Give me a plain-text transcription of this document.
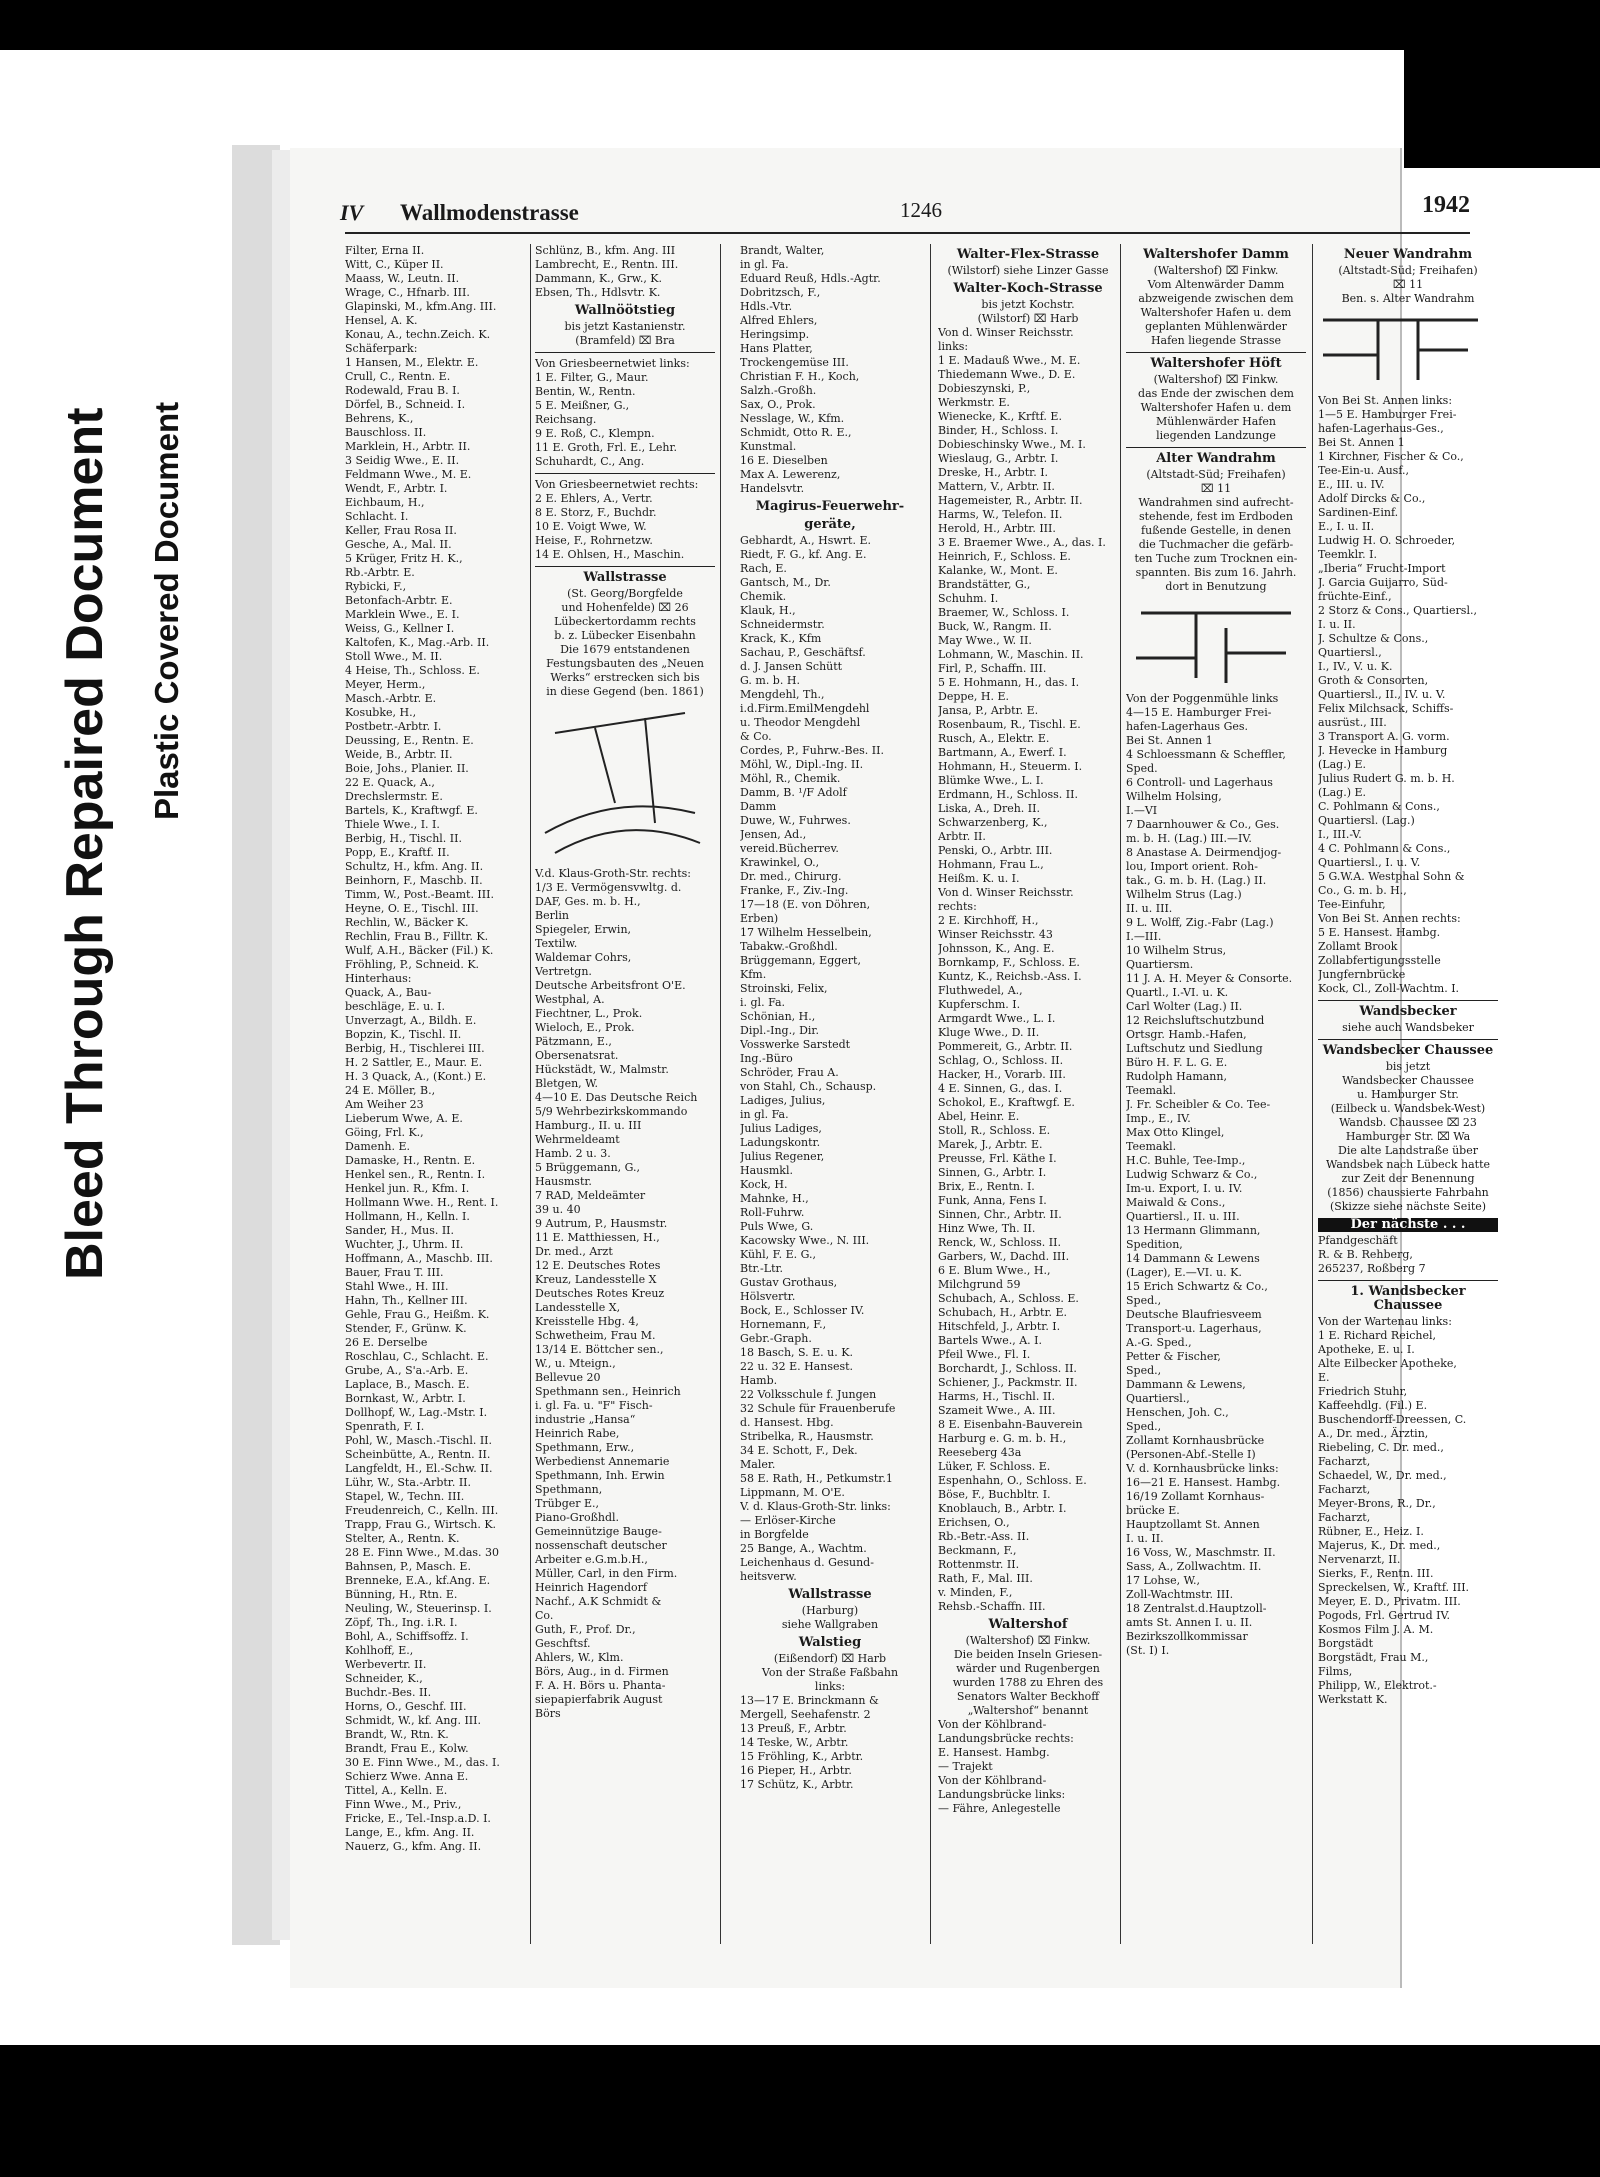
Bleed Through Repaired Document Plastic Covered Document
IV Wallmodenstrasse	1246	1942
Filter, Erna II.
Witt, C., Küper II.
Maass, W., Leutn. II.
Wrage, C., Hfnarb. III.
Glapinski, M., kfm.Ang. III.
Hensel, A. K.
Konau, A., techn.Zeich. K.
Schäferpark:
1 Hansen, M., Elektr. E.
Crull, C., Rentn. E.
Rodewald, Frau B. I.
Dörfel, B., Schneid. I.
Behrens, K.,
Bauschloss. II.
Marklein, H., Arbtr. II.
3 Seidig Wwe., E. II.
Feldmann Wwe., M. E.
Wendt, F., Arbtr. I.
Eichbaum, H.,
Schlacht. I.
Keller, Frau Rosa II.
Gesche, A., Mal. II.
5 Krüger, Fritz H. K.,
Rb.-Arbtr. E.
Rybicki, F.,
Betonfach-Arbtr. E.
Marklein Wwe., E. I.
Weiss, G., Kellner I.
Kaltofen, K., Mag.-Arb. II.
Stoll Wwe., M. II.
4 Heise, Th., Schloss. E.
Meyer, Herm.,
Masch.-Arbtr. E.
Kosubke, H.,
Postbetr.-Arbtr. I.
Deussing, E., Rentn. E.
Weide, B., Arbtr. II.
Boie, Johs., Planier. II.
22 E. Quack, A.,
Drechslermstr. E.
Bartels, K., Kraftwgf. E.
Thiele Wwe., I. I.
Berbig, H., Tischl. II.
Popp, E., Kraftf. II.
Schultz, H., kfm. Ang. II.
Beinhorn, F., Maschb. II.
Timm, W., Post.-Beamt. III.
Heyne, O. E., Tischl. III.
Rechlin, W., Bäcker K.
Rechlin, Frau B., Filltr. K.
Wulf, A.H., Bäcker (Fil.) K.
Fröhling, P., Schneid. K.
Hinterhaus:
Quack, A., Bau-
beschläge, E. u. I.
Unverzagt, A., Bildh. E.
Bopzin, K., Tischl. II.
Berbig, H., Tischlerei III.
H. 2 Sattler, E., Maur. E.
H. 3 Quack, A., (Kont.) E.
24 E. Möller, B.,
Am Weiher 23
Lieberum Wwe, A. E.
Göing, Frl. K.,
Damenh. E.
Damaske, H., Rentn. E.
Henkel sen., R., Rentn. I.
Henkel jun. R., Kfm. I.
Hollmann Wwe. H., Rent. I.
Hollmann, H., Kelln. I.
Sander, H., Mus. II.
Wuchter, J., Uhrm. II.
Hoffmann, A., Maschb. III.
Bauer, Frau T. III.
Stahl Wwe., H. III.
Hahn, Th., Kellner III.
Gehle, Frau G., Heißm. K.
Stender, F., Grünw. K.
26 E. Derselbe
Roschlau, C., Schlacht. E.
Grube, A., S'a.-Arb. E.
Laplace, B., Masch. E.
Bornkast, W., Arbtr. I.
Dollhopf, W., Lag.-Mstr. I.
Spenrath, F. I.
Pohl, W., Masch.-Tischl. II.
Scheinbütte, A., Rentn. II.
Langfeldt, H., El.-Schw. II.
Lühr, W., Sta.-Arbtr. II.
Stapel, W., Techn. III.
Freudenreich, C., Kelln. III.
Trapp, Frau G., Wirtsch. K.
Stelter, A., Rentn. K.
28 E. Finn Wwe., M.das. 30
Bahnsen, P., Masch. E.
Brenneke, E.A., kf.Ang. E.
Bünning, H., Rtn. E.
Neuling, W., Steuerinsp. I.
Zöpf, Th., Ing. i.R. I.
Bohl, A., Schiffsoffz. I.
Kohlhoff, E.,
Werbevertr. II.
Schneider, K.,
Buchdr.-Bes. II.
Horns, O., Geschf. III.
Schmidt, W., kf. Ang. III.
Brandt, W., Rtn. K.
Brandt, Frau E., Kolw.
30 E. Finn Wwe., M., das. I.
Schierz Wwe. Anna E.
Tittel, A., Kelln. E.
Finn Wwe., M., Priv.,
Fricke, E., Tel.-Insp.a.D. I.
Lange, E., kfm. Ang. II.
Nauerz, G., kfm. Ang. II.
Schlünz, B., kfm. Ang. III
Lambrecht, E., Rentn. III.
Dammann, K., Grw., K.
Ebsen, Th., Hdlsvtr. K.
Wallnöötstieg
bis jetzt Kastanienstr.
(Bramfeld) ⌧ Bra
Von Griesbeernetwiet links:
1 E. Filter, G., Maur.
Bentin, W., Rentn.
5 E. Meißner, G.,
Reichsang.
9 E. Roß, C., Klempn.
11 E. Groth, Frl. E., Lehr.
Schuhardt, C., Ang.
Von Griesbeernetwiet rechts:
2 E. Ehlers, A., Vertr.
8 E. Storz, F., Buchdr.
10 E. Voigt Wwe, W.
Heise, F., Rohrnetzw.
14 E. Ohlsen, H., Maschin.
Wallstrasse
(St. Georg/Borgfelde
und Hohenfelde) ⌧ 26
Lübeckertordamm rechts
b. z. Lübecker Eisenbahn
Die 1679 entstandenen
Festungsbauten des „Neuen
Werks“ erstrecken sich bis
in diese Gegend (ben. 1861)
V.d. Klaus-Groth-Str. rechts:
1/3 E. Vermögensvwltg. d.
DAF, Ges. m. b. H.,
Berlin
Spiegeler, Erwin,
Textilw.
Waldemar Cohrs,
Vertretgn.
Deutsche Arbeitsfront O'E.
Westphal, A.
Fiechtner, L., Prok.
Wieloch, E., Prok.
Pätzmann, E.,
Obersenatsrat.
Hückstädt, W., Malmstr.
Bletgen, W.
4—10 E. Das Deutsche Reich
5/9 Wehrbezirkskommando
Hamburg., II. u. III
Wehrmeldeamt
Hamb. 2 u. 3.
5 Brüggemann, G.,
Hausmstr.
7 RAD, Meldeämter
39 u. 40
9 Autrum, P., Hausmstr.
11 E. Matthiessen, H.,
Dr. med., Arzt
12 E. Deutsches Rotes
Kreuz, Landesstelle X
Deutsches Rotes Kreuz
Landesstelle X,
Kreisstelle Hbg. 4,
Schwetheim, Frau M.
13/14 E. Böttcher sen.,
W., u. Mteign.,
Bellevue 20
Spethmann sen., Heinrich
i. gl. Fa. u. "F" Fisch-
industrie „Hansa“
Heinrich Rabe,
Spethmann, Erw.,
Werbedienst Annemarie
Spethmann, Inh. Erwin
Spethmann,
Trübger E.,
Piano-Großhdl.
Gemeinnützige Bauge-
nossenschaft deutscher
Arbeiter e.G.m.b.H.,
Müller, Carl, in den Firm.
Heinrich Hagendorf
Nachf., A.K Schmidt &
Co.
Guth, F., Prof. Dr.,
Geschftsf.
Ahlers, W., Klm.
Börs, Aug., in d. Firmen
F. A. H. Börs u. Phanta-
siepapierfabrik August
Börs
Brandt, Walter,
in gl. Fa.
Eduard Reuß, Hdls.-Agtr.
Dobritzsch, F.,
Hdls.-Vtr.
Alfred Ehlers,
Heringsimp.
Hans Platter,
Trockengemüse III.
Christian F. H., Koch,
Salzh.-Großh.
Sax, O., Prok.
Nesslage, W., Kfm.
Schmidt, Otto R. E.,
Kunstmal.
16 E. Dieselben
Max A. Lewerenz,
Handelsvtr.
Magirus-Feuerwehr-
geräte,
Gebhardt, A., Hswrt. E.
Riedt, F. G., kf. Ang. E.
Rach, E.
Gantsch, M., Dr.
Chemik.
Klauk, H.,
Schneidermstr.
Krack, K., Kfm
Sachau, P., Geschäftsf.
d. J. Jansen Schütt
G. m. b. H.
Mengdehl, Th.,
i.d.Firm.EmilMengdehl
u. Theodor Mengdehl
& Co.
Cordes, P., Fuhrw.-Bes. II.
Möhl, W., Dipl.-Ing. II.
Möhl, R., Chemik.
Damm, B. ¹/F Adolf
Damm
Duwe, W., Fuhrwes.
Jensen, Ad.,
vereid.Bücherrev.
Krawinkel, O.,
Dr. med., Chirurg.
Franke, F., Ziv.-Ing.
17—18 (E. von Döhren,
Erben)
17 Wilhelm Hesselbein,
Tabakw.-Großhdl.
Brüggemann, Eggert,
Kfm.
Stroinski, Felix,
i. gl. Fa.
Schönian, H.,
Dipl.-Ing., Dir.
Vosswerke Sarstedt
Ing.-Büro
Schröder, Frau A.
von Stahl, Ch., Schausp.
Ladiges, Julius,
in gl. Fa.
Julius Ladiges,
Ladungskontr.
Julius Regener,
Hausmkl.
Kock, H.
Mahnke, H.,
Roll-Fuhrw.
Puls Wwe, G.
Kacowsky Wwe., N. III.
Kühl, F. E. G.,
Btr.-Ltr.
Gustav Grothaus,
Hölsvertr.
Bock, E., Schlosser IV.
Hornemann, F.,
Gebr.-Graph.
18 Basch, S. E. u. K.
22 u. 32 E. Hansest.
Hamb.
22 Volksschule f. Jungen
32 Schule für Frauenberufe
d. Hansest. Hbg.
Stribelka, R., Hausmstr.
34 E. Schott, F., Dek.
Maler.
58 E. Rath, H., Petkumstr.1
Lippmann, M. O'E.
V. d. Klaus-Groth-Str. links:
— Erlöser-Kirche
in Borgfelde
25 Bange, A., Wachtm.
Leichenhaus d. Gesund-
heitsverw.
Wallstrasse
(Harburg)
siehe Wallgraben
Walstieg
(Eißendorf) ⌧ Harb
Von der Straße Faßbahn
links:
13—17 E. Brinckmann &
Mergell, Seehafenstr. 2
13 Preuß, F., Arbtr.
14 Teske, W., Arbtr.
15 Fröhling, K., Arbtr.
16 Pieper, H., Arbtr.
17 Schütz, K., Arbtr.
Walter-Flex-Strasse
(Wilstorf) siehe Linzer Gasse
Walter-Koch-Strasse
bis jetzt Kochstr.
(Wilstorf) ⌧ Harb
Von d. Winser Reichsstr.
links:
1 E. Madauß Wwe., M. E.
Thiedemann Wwe., D. E.
Dobieszynski, P.,
Werkmstr. E.
Wienecke, K., Krftf. E.
Binder, H., Schloss. I.
Dobieschinsky Wwe., M. I.
Wieslaug, G., Arbtr. I.
Dreske, H., Arbtr. I.
Mattern, V., Arbtr. II.
Hagemeister, R., Arbtr. II.
Harms, W., Telefon. II.
Herold, H., Arbtr. III.
3 E. Braemer Wwe., A., das. I.
Heinrich, F., Schloss. E.
Kalanke, W., Mont. E.
Brandstätter, G.,
Schuhm. I.
Braemer, W., Schloss. I.
Buck, W., Rangm. II.
May Wwe., W. II.
Lohmann, W., Maschin. II.
Firl, P., Schaffn. III.
5 E. Hohmann, H., das. I.
Deppe, H. E.
Jansa, P., Arbtr. E.
Rosenbaum, R., Tischl. E.
Rusch, A., Elektr. E.
Bartmann, A., Ewerf. I.
Hohmann, H., Steuerm. I.
Blümke Wwe., L. I.
Erdmann, H., Schloss. II.
Liska, A., Dreh. II.
Schwarzenberg, K.,
Arbtr. II.
Penski, O., Arbtr. III.
Hohmann, Frau L.,
Heißm. K. u. I.
Von d. Winser Reichsstr.
rechts:
2 E. Kirchhoff, H.,
Winser Reichsstr. 43
Johnsson, K., Ang. E.
Bornkamp, F., Schloss. E.
Kuntz, K., Reichsb.-Ass. I.
Fluthwedel, A.,
Kupferschm. I.
Armgardt Wwe., L. I.
Kluge Wwe., D. II.
Pommereit, G., Arbtr. II.
Schlag, O., Schloss. II.
Hacker, H., Vorarb. III.
4 E. Sinnen, G., das. I.
Schokol, E., Kraftwgf. E.
Abel, Heinr. E.
Stoll, R., Schloss. E.
Marek, J., Arbtr. E.
Preusse, Frl. Käthe I.
Sinnen, G., Arbtr. I.
Brix, E., Rentn. I.
Funk, Anna, Fens I.
Sinnen, Chr., Arbtr. II.
Hinz Wwe, Th. II.
Renck, W., Schloss. II.
Garbers, W., Dachd. III.
6 E. Blum Wwe., H.,
Milchgrund 59
Schubach, A., Schloss. E.
Schubach, H., Arbtr. E.
Hitschfeld, J., Arbtr. I.
Bartels Wwe., A. I.
Pfeil Wwe., Fl. I.
Borchardt, J., Schloss. II.
Schiener, J., Packmstr. II.
Harms, H., Tischl. II.
Szameit Wwe., A. III.
8 E. Eisenbahn-Bauverein
Harburg e. G. m. b. H.,
Reeseberg 43a
Lüker, F. Schloss. E.
Espenhahn, O., Schloss. E.
Böse, F., Buchbltr. I.
Knoblauch, B., Arbtr. I.
Erichsen, O.,
Rb.-Betr.-Ass. II.
Beckmann, F.,
Rottenmstr. II.
Rath, F., Mal. III.
v. Minden, F.,
Rehsb.-Schaffn. III.
Waltershof
(Waltershof) ⌧ Finkw.
Die beiden Inseln Griesen-
wärder und Rugenbergen
wurden 1788 zu Ehren des
Senators Walter Beckhoff
„Waltershof“ benannt
Von der Köhlbrand-
Landungsbrücke rechts:
E. Hansest. Hambg.
— Trajekt
Von der Köhlbrand-
Landungsbrücke links:
— Fähre, Anlegestelle
Waltershofer Damm
(Waltershof) ⌧ Finkw.
Vom Altenwärder Damm
abzweigende zwischen dem
Waltershofer Hafen u. dem
geplanten Mühlenwärder
Hafen liegende Strasse
Waltershofer Höft
(Waltershof) ⌧ Finkw.
das Ende der zwischen dem
Waltershofer Hafen u. dem
Mühlenwärder Hafen
liegenden Landzunge
Alter Wandrahm
(Altstadt-Süd; Freihafen)
⌧ 11
Wandrahmen sind aufrecht-
stehende, fest im Erdboden
fußende Gestelle, in denen
die Tuchmacher die gefärb-
ten Tuche zum Trocknen ein-
spannten. Bis zum 16. Jahrh.
dort in Benutzung
Von der Poggenmühle links
4—15 E. Hamburger Frei-
hafen-Lagerhaus Ges.
Bei St. Annen 1
4 Schloessmann & Scheffler,
Sped.
6 Controll- und Lagerhaus
Wilhelm Holsing,
I.—VI
7 Daarnhouwer & Co., Ges.
m. b. H. (Lag.) III.—IV.
8 Anastase A. Deirmendjog-
lou, Import orient. Roh-
tak., G. m. b. H. (Lag.) II.
Wilhelm Strus (Lag.)
II. u. III.
9 L. Wolff, Zig.-Fabr (Lag.)
I.—III.
10 Wilhelm Strus,
Quartiersm.
11 J. A. H. Meyer & Consorte.
Quartl., I.-VI. u. K.
Carl Wolter (Lag.) II.
12 Reichsluftschutzbund
Ortsgr. Hamb.-Hafen,
Luftschutz und Siedlung
Büro H. F. L. G. E.
Rudolph Hamann,
Teemakl.
J. Fr. Scheibler & Co. Tee-
Imp., E., IV.
Max Otto Klingel,
Teemakl.
H.C. Buhle, Tee-Imp.,
Ludwig Schwarz & Co.,
Im-u. Export, I. u. IV.
Maiwald & Cons.,
Quartiersl., II. u. III.
13 Hermann Glimmann,
Spedition,
14 Dammann & Lewens
(Lager), E.—VI. u. K.
15 Erich Schwartz & Co.,
Sped.,
Deutsche Blaufriesveem
Transport-u. Lagerhaus,
A.-G. Sped.,
Petter & Fischer,
Sped.,
Dammann & Lewens,
Quartiersl.,
Henschen, Joh. C.,
Sped.,
Zollamt Kornhausbrücke
(Personen-Abf.-Stelle I)
V. d. Kornhausbrücke links:
16—21 E. Hansest. Hambg.
16/19 Zollamt Kornhaus-
brücke E.
Hauptzollamt St. Annen
I. u. II.
16 Voss, W., Maschmstr. II.
Sass, A., Zollwachtm. II.
17 Lohse, W.,
Zoll-Wachtmstr. III.
18 Zentralst.d.Hauptzoll-
amts St. Annen I. u. II.
Bezirkszollkommissar
(St. I) I.
Neuer Wandrahm
(Altstadt-Süd; Freihafen)
⌧ 11
Ben. s. Alter Wandrahm
Von Bei St. Annen links:
1—5 E. Hamburger Frei-
hafen-Lagerhaus-Ges.,
Bei St. Annen 1
1 Kirchner, Fischer & Co.,
Tee-Ein-u. Ausf.,
E., III. u. IV.
Adolf Dircks & Co.,
Sardinen-Einf.
E., I. u. II.
Ludwig H. O. Schroeder,
Teemklr. I.
„Iberia“ Frucht-Import
J. Garcia Guijarro, Süd-
früchte-Einf.,
2 Storz & Cons., Quartiersl.,
I. u. II.
J. Schultze & Cons.,
Quartiersl.,
I., IV., V. u. K.
Groth & Consorten,
Quartiersl., II., IV. u. V.
Felix Milchsack, Schiffs-
ausrüst., III.
3 Transport A. G. vorm.
J. Hevecke in Hamburg
(Lag.) E.
Julius Rudert G. m. b. H.
(Lag.) E.
C. Pohlmann & Cons.,
Quartiersl. (Lag.)
I., III.-V.
4 C. Pohlmann & Cons.,
Quartiersl., I. u. V.
5 G.W.A. Westphal Sohn &
Co., G. m. b. H.,
Tee-Einfuhr,
Von Bei St. Annen rechts:
5 E. Hansest. Hambg.
Zollamt Brook
Zollabfertigungsstelle
Jungfernbrücke
Kock, Cl., Zoll-Wachtm. I.
Wandsbecker
siehe auch Wandsbeker
Wandsbecker Chaussee
bis jetzt
Wandsbecker Chaussee
u. Hamburger Str.
(Eilbeck u. Wandsbek-West)
Wandsb. Chaussee ⌧ 23
Hamburger Str. ⌧ Wa
Die alte Landstraße über
Wandsbek nach Lübeck hatte
zur Zeit der Benennung
(1856) chaussierte Fahrbahn
(Skizze siehe nächste Seite)
Der nächste . . .
Pfandgeschäft
R. & B. Rehberg,
265237, Roßberg 7
1. Wandsbecker Chaussee
Von der Wartenau links:
1 E. Richard Reichel,
Apotheke, E. u. I.
Alte Eilbecker Apotheke,
E.
Friedrich Stuhr,
Kaffeehdlg. (Fil.) E.
Buschendorff-Dreessen, C.
A., Dr. med., Ärztin,
Riebeling, C. Dr. med.,
Facharzt,
Schaedel, W., Dr. med.,
Facharzt,
Meyer-Brons, R., Dr.,
Facharzt,
Rübner, E., Heiz. I.
Majerus, K., Dr. med.,
Nervenarzt, II.
Sierks, F., Rentn. III.
Spreckelsen, W., Kraftf. III.
Meyer, E. D., Privatm. III.
Pogods, Frl. Gertrud IV.
Kosmos Film J. A. M.
Borgstädt
Borgstädt, Frau M.,
Films,
Philipp, W., Elektrot.-
Werkstatt K.
